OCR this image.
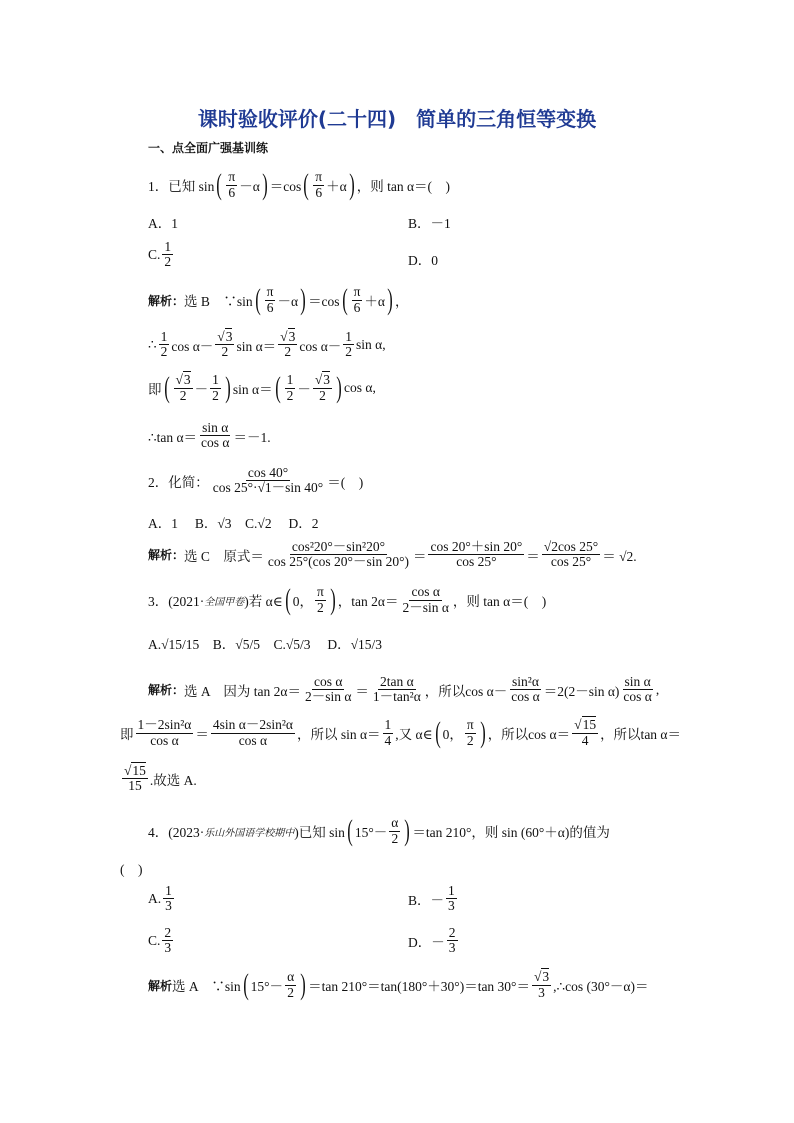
课时验收评价(二十四)　简单的三角恒等变换
一、点全面广强基训练
1．已知 sin ( $\frac{\pi}{6} -\alpha$ ) ＝cos ( $\frac{\pi}{6} +\alpha$ ) ，则 tan α＝(　)
A．1	B．－1
C. $\frac{1}{2}$	D．0
解析： 选 B　∵sin ( $\frac{\pi}{6} -\alpha$ ) ＝cos ( $\frac{\pi}{6} +\alpha$ ) ，
∴ $\frac{1}{2}$ $\cos \alpha- \frac{√3}{2}$ $\sin \alpha= \frac{√3}{2}$ $\cos \alpha- \frac{1}{2}$ sin α,
即 ( $\frac{√3}{2} - \frac{1}{2}$ ) sin α＝ ( $\frac{1}{2} - \frac{√3}{2}$ ) cos α,
∴tan $\alpha= \frac{\text{sin α}}{\text{cos α}} =-1$.
2．化简： $\frac{\cos 40^\circ}{\cos 25^\circ\cdot√1-\sin 40^\circ}$ ＝(　)
A．1　 B．√3　C.√2　 D．2
解析： 选 C　原式＝ $\frac{\text{cos²20°－sin²20°}}{\cos 25^\circ(\cos 20^\circ-\sin 20^\circ)} = \frac{\cos 20^\circ+\sin 20^\circ}{\cos 25^\circ} = \frac{√2\cos 25^\circ}{\cos 25^\circ} = √2$.
3．(2021· 全国甲卷 )若 α∈ ( 0， $\frac{\pi}{2}$ ) ，$\tan 2\alpha= \frac{\text{cos α}}{\text{2－sin α}}$ ，则 tan α＝(　)
A.√15/15　B．√5/5　C.√5/3　 D．√15/3
解析： 选 A　因为 $\tan 2\alpha= \frac{\text{cos α}}{\text{2－sin α}} = \frac{\text{2tan α}}{\text{1－tan²α}}$ ，所以$\cos \alpha- \frac{\text{sin²α}}{\text{cos α}} =2(2-\sin$ $\alpha) \frac{\text{sin α}}{\text{cos α}}$ ,
即 $\frac{\text{1－2sin²α}}{\text{cos α}} = \frac{\text{4sin α－2sin²α}}{\text{cos α}}$ ，所以 $\sin \alpha= \frac{1}{4}$ ,又 α∈ ( 0， $\frac{\pi}{2}$ ) ，所以$\cos \alpha= \frac{√15}{4}$ ，所以tan α＝
$\frac{√15}{15}$ .故选 A.
4．(2023· 乐山外国语学校期中 )已知 sin ( $15^\circ- \frac{\alpha}{2}$ ) ＝tan 210°，则 sin (60°＋α)的值为
(　)
A. $\frac{1}{3}$	B．－ $\frac{1}{3}$
C. $\frac{2}{3}$	D．－ $\frac{2}{3}$
解析 选 A　∵sin ( $15^\circ- \frac{\alpha}{2}$ ) ＝tan 210°＝tan(180°＋30°)＝tan $30^\circ= \frac{√3}{3}$ ,∴cos (30°－α)＝
